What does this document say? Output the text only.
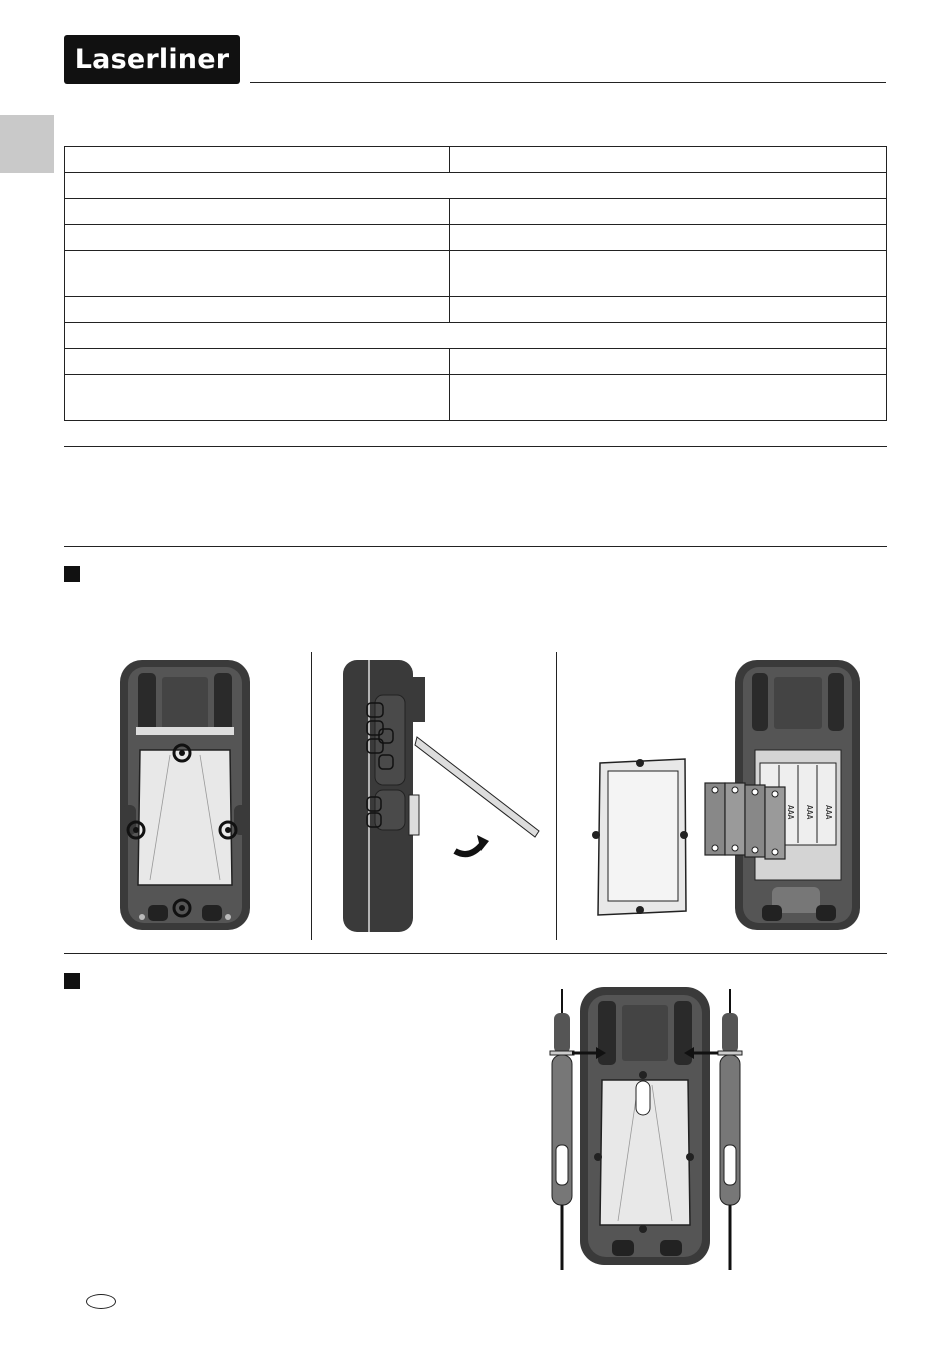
Laserliner

AAA AAA AAA
